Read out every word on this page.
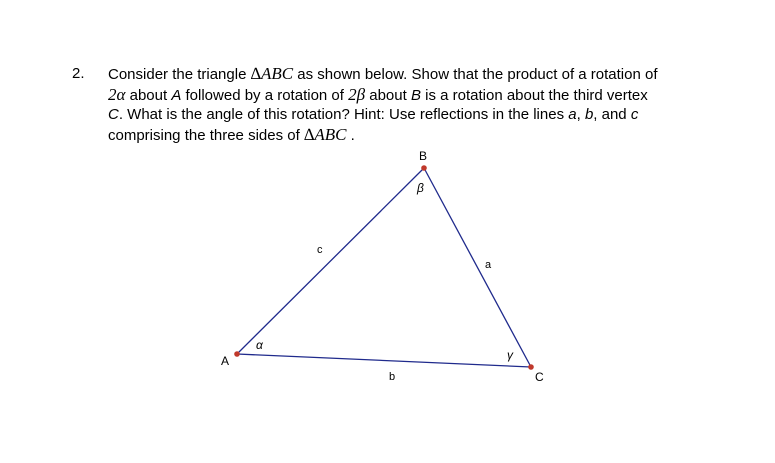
2. Consider the triangle ∆ABC as shown below. Show that the product of a rotation of
2α about A followed by a rotation of 2β about B is a rotation about the third vertex
C. What is the angle of this rotation? Hint: Use reflections in the lines a, b, and c
comprising the three sides of ∆ABC .
A
B
C
c
a
b
α
β
γ
